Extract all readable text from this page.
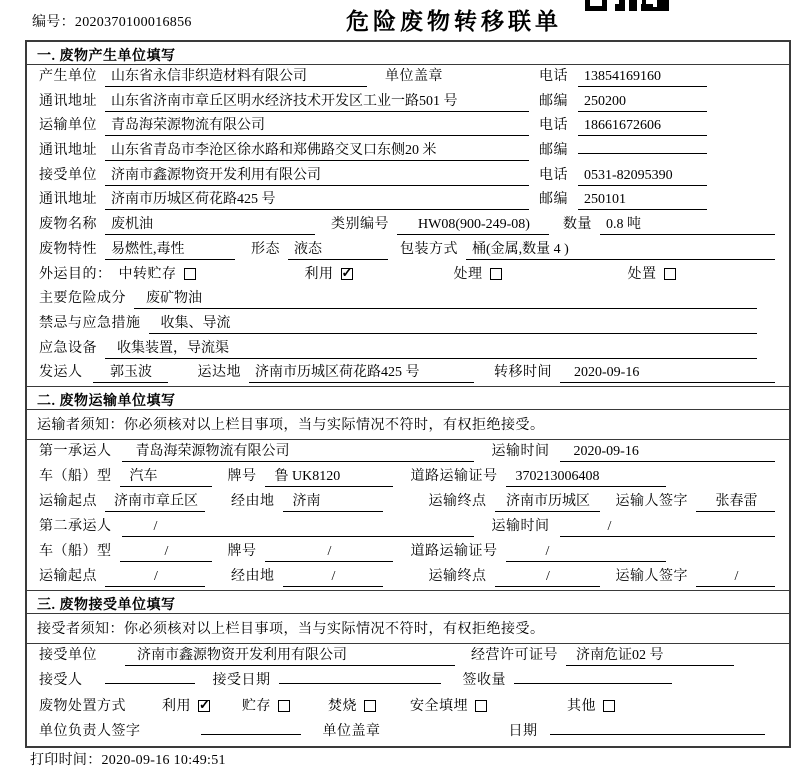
编号：2020370100016856	危险废物转移联单
一. 废物产生单位填写
产生单位	山东省永信非织造材料有限公司	单位盖章	电话	13854169160
通讯地址	山东省济南市章丘区明水经济技术开发区工业一路501 号	邮编	250200
运输单位	青岛海荣源物流有限公司	电话	18661672606
通讯地址	山东省青岛市李沧区徐水路和郑佛路交叉口东侧20 米	邮编
接受单位	济南市鑫源物资开发利用有限公司	电话	0531-82095390
通讯地址	济南市历城区荷花路425 号	邮编	250101
废物名称	废机油	类别编号	HW08(900-249-08)	数量	0.8 吨
废物特性	易燃性,毒性	形态	液态	包装方式	桶(金属,数量 4 )
外运目的： 中转贮存	利用 ✓	处理	处置
主要危险成分	废矿物油
禁忌与应急措施	收集、导流
应急设备	收集装置，导流渠
发运人	郭玉波	运达地	济南市历城区荷花路425 号	转移时间	2020-09-16
二. 废物运输单位填写
运输者须知：你必须核对以上栏目事项，当与实际情况不符时，有权拒绝接受。
第一承运人	青岛海荣源物流有限公司	运输时间	2020-09-16
车（船）型	汽车	牌号	鲁 UK8120	道路运输证号	370213006408
运输起点	济南市章丘区	经由地	济南	运输终点	济南市历城区	运输人签字	张春雷
第二承运人	/	运输时间	/
车（船）型	/	牌号	/	道路运输证号	/
运输起点	/	经由地	/	运输终点	/	运输人签字	/
三. 废物接受单位填写
接受者须知：你必须核对以上栏目事项，当与实际情况不符时，有权拒绝接受。
接受单位	济南市鑫源物资开发利用有限公司	经营许可证号	济南危证02 号
接受人	接受日期	签收量
废物处置方式	利用 ✓	贮存	焚烧	安全填埋	其他
单位负责人签字	单位盖章	日期
打印时间：2020-09-16 10:49:51
